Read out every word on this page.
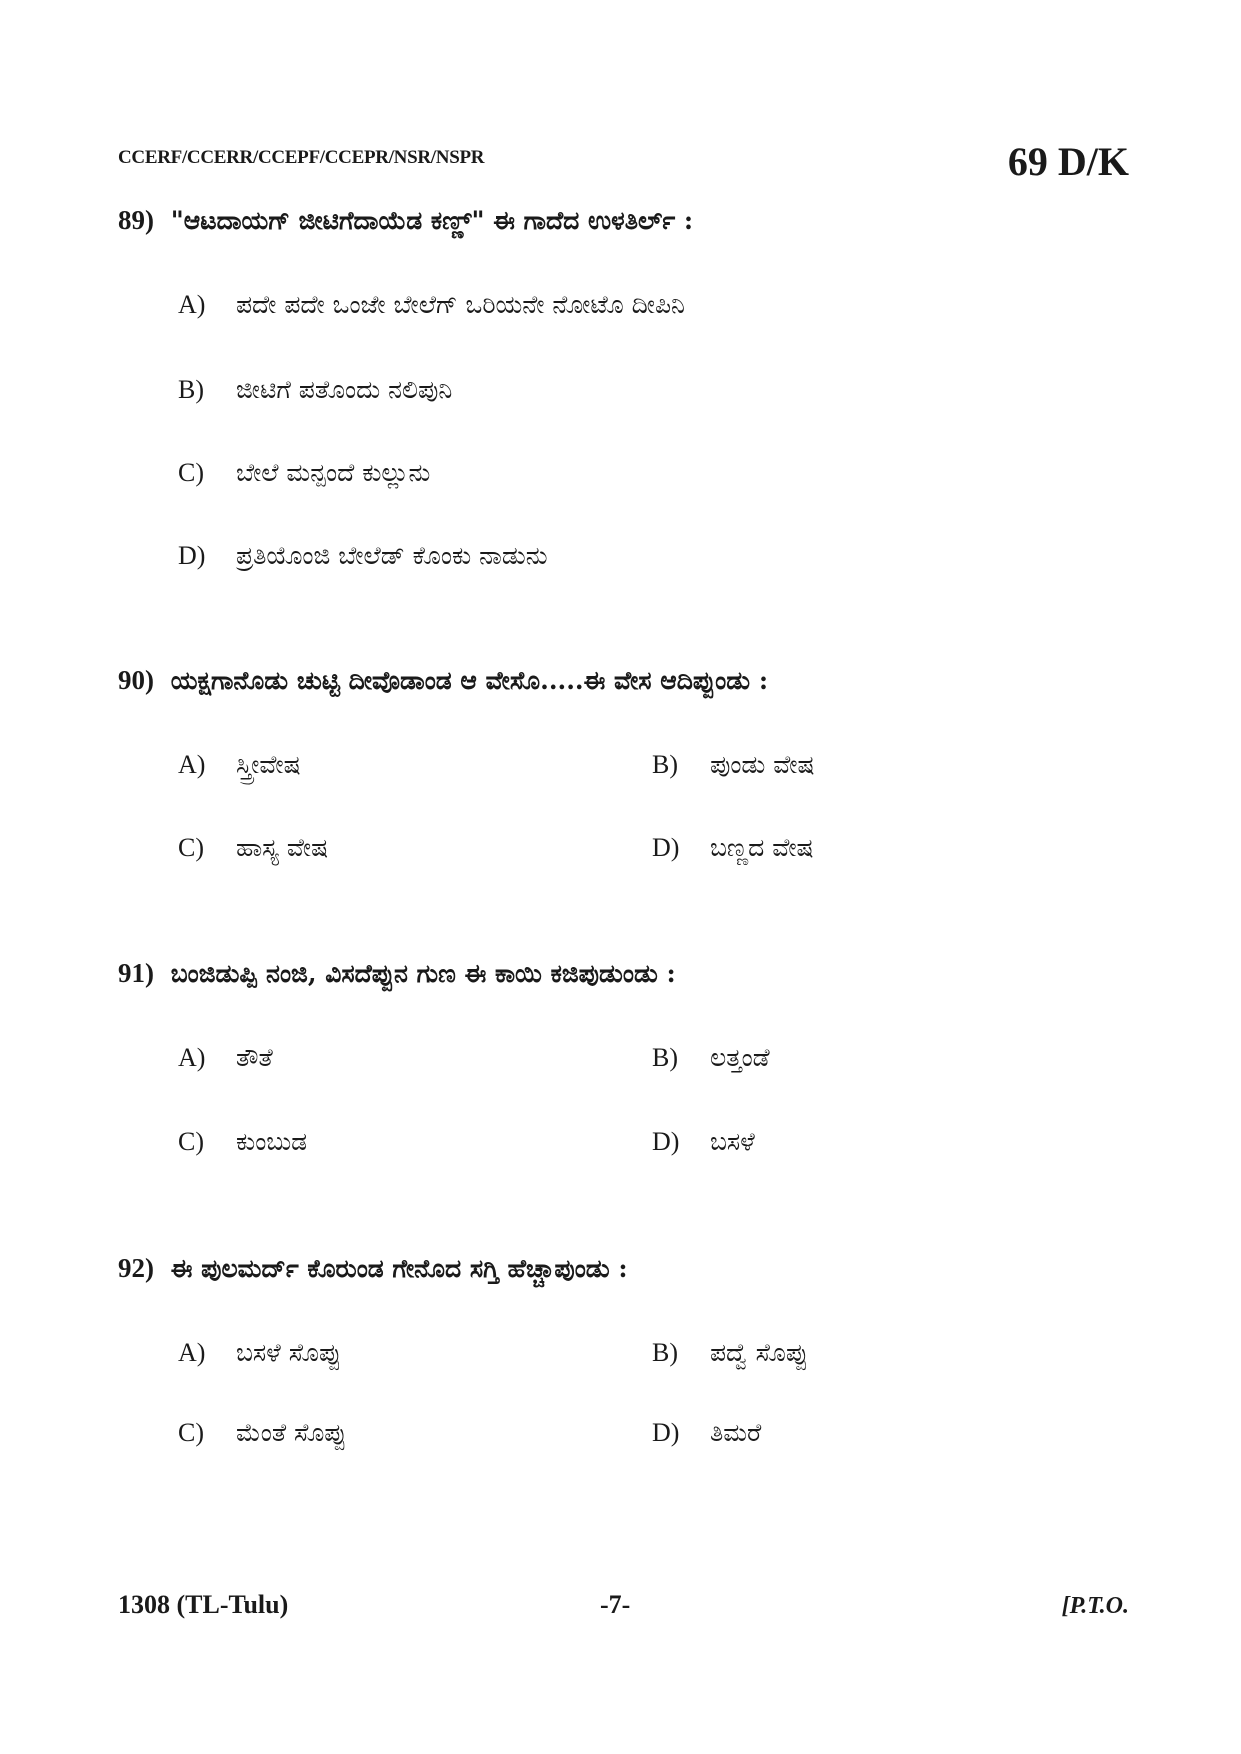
CCERF/CCERR/CCEPF/CCEPR/NSR/NSPR	69 D/K
89) "ಆಟದಾಯಗ್ ಜೀಟಿಗೆದಾಯೆಡ ಕಣ್ಣ್" ಈ ಗಾದೆದ ಉಳತಿರ್ಲ್ :
A) ಪದೇ ಪದೇ ಒಂಜೇ ಬೇಲೆಗ್ ಒರಿಯನೇ ನೋಟೊ ದೀಪಿನಿ
B) ಜೀಟಿಗೆ ಪತೊಂದು ನಲಿಪುನಿ
C) ಬೇಲೆ ಮನ್ಪಂದೆ ಕುಲ್ಲುನು
D) ಪ್ರತಿಯೊಂಜಿ ಬೇಲೆಡ್ ಕೊಂಕು ನಾಡುನು
90) ಯಕ್ಷಗಾನೊಡು ಚುಟ್ಟಿ ದೀವೊಡಾಂಡ ಆ ವೇಸೊ.....ಈ ವೇಸ ಆದಿಪ್ಪುಂಡು :
A) ಸ್ತ್ರೀವೇಷ	B) ಪುಂಡು ವೇಷ
C) ಹಾಸ್ಯ ವೇಷ	D) ಬಣ್ಣದ ವೇಷ
91) ಬಂಜಿಡುಪ್ಪಿ ನಂಜಿ, ವಿಸದೆಪ್ಪುನ ಗುಣ ಈ ಕಾಯಿ ಕಜಿಪುಡುಂಡು :
A) ತೌತೆ	B) ಲತ್ತಂಡೆ
C) ಕುಂಬುಡ	D) ಬಸಳೆ
92) ಈ ಪುಲಮರ್ದ್ ಕೊರುಂಡ ಗೇನೊದ ಸಗ್ತಿ ಹೆಚ್ಚಾಪುಂಡು :
A) ಬಸಳೆ ಸೊಪ್ಪು	B) ಪದ್ವೆ ಸೊಪ್ಪು
C) ಮೆಂತೆ ಸೊಪ್ಪು	D) ತಿಮರೆ
1308 (TL-Tulu)	-7-	[P.T.O.
